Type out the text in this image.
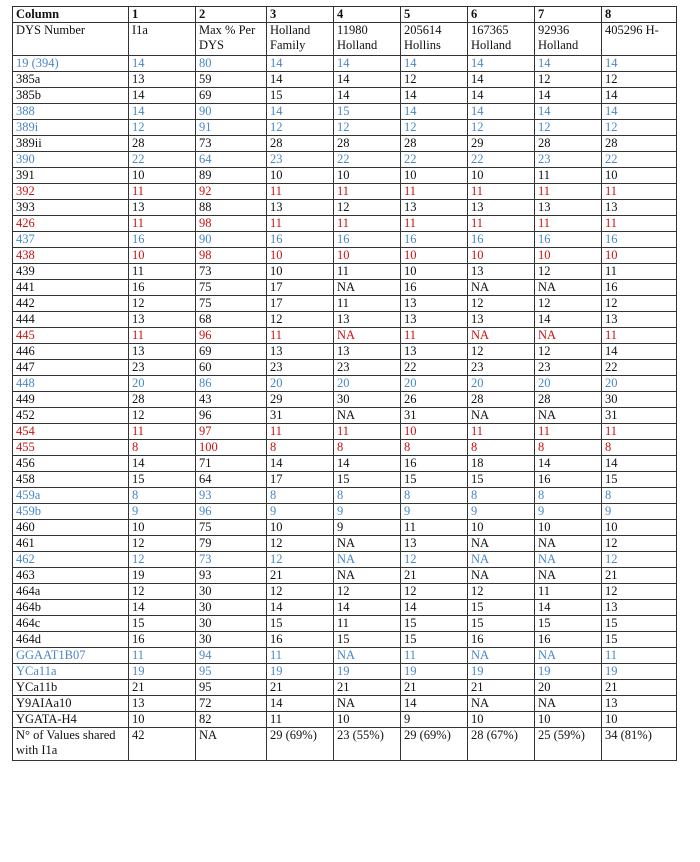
Column	1	2	3	4	5	6	7	8
DYS Number	I1a	Max % Per DYS	Holland Family	11980 Holland	205614 Hollins	167365 Holland	92936 Holland	405296 H-
19 (394)	14	80	14	14	14	14	14	14
385a	13	59	14	14	12	14	12	12
385b	14	69	15	14	14	14	14	14
388	14	90	14	15	14	14	14	14
389i	12	91	12	12	12	12	12	12
389ii	28	73	28	28	28	29	28	28
390	22	64	23	22	22	22	23	22
391	10	89	10	10	10	10	11	10
392	11	92	11	11	11	11	11	11
393	13	88	13	12	13	13	13	13
426	11	98	11	11	11	11	11	11
437	16	90	16	16	16	16	16	16
438	10	98	10	10	10	10	10	10
439	11	73	10	11	10	13	12	11
441	16	75	17	NA	16	NA	NA	16
442	12	75	17	11	13	12	12	12
444	13	68	12	13	13	13	14	13
445	11	96	11	NA	11	NA	NA	11
446	13	69	13	13	13	12	12	14
447	23	60	23	23	22	23	23	22
448	20	86	20	20	20	20	20	20
449	28	43	29	30	26	28	28	30
452	12	96	31	NA	31	NA	NA	31
454	11	97	11	11	10	11	11	11
455	8	100	8	8	8	8	8	8
456	14	71	14	14	16	18	14	14
458	15	64	17	15	15	15	16	15
459a	8	93	8	8	8	8	8	8
459b	9	96	9	9	9	9	9	9
460	10	75	10	9	11	10	10	10
461	12	79	12	NA	13	NA	NA	12
462	12	73	12	NA	12	NA	NA	12
463	19	93	21	NA	21	NA	NA	21
464a	12	30	12	12	12	12	11	12
464b	14	30	14	14	14	15	14	13
464c	15	30	15	11	15	15	15	15
464d	16	30	16	15	15	16	16	15
GGAAT1B07	11	94	11	NA	11	NA	NA	11
YCa11a	19	95	19	19	19	19	19	19
YCa11b	21	95	21	21	21	21	20	21
Y9AIAa10	13	72	14	NA	14	NA	NA	13
YGATA-H4	10	82	11	10	9	10	10	10
N° of Values shared with I1a	42	NA	29 (69%)	23 (55%)	29 (69%)	28 (67%)	25 (59%)	34 (81%)
